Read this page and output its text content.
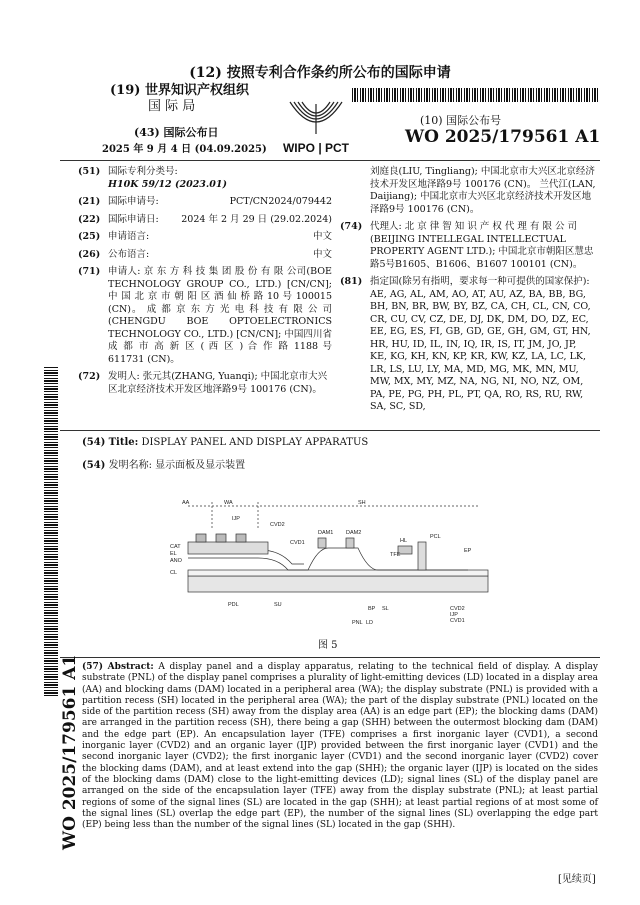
(12) 按照专利合作条约所公布的国际申请
(19) 世界知识产权组织
国 际 局
WIPO | PCT
(10) 国际公布号
WO 2025/179561 A1
(43) 国际公布日
2025 年 9 月 4 日 (04.09.2025)
(51) 国际专利分类号:
H10K 59/12 (2023.01)
(21) 国际申请号:	PCT/CN2024/079442
(22) 国际申请日: 2024 年 2 月 29 日 (29.02.2024)
(25) 申请语言:	中文
(26) 公布语言:	中文
(71) 申请人: 京 东 方 科 技 集 团 股 份 有 限 公司(BOE TECHNOLOGY GROUP CO., LTD.) [CN/CN]; 中 国 北 京 市 朝 阳 区 酒 仙 桥 路 10 号 100015 (CN)。 成 都 京 东 方 光 电 科 技 有 限 公 司 (CHENGDU BOE OPTOELECTRONICS TECHNOLOGY CO., LTD.) [CN/CN]; 中国四川省 成 都 市 高 新 区 ( 西 区 ) 合 作 路 1188 号 611731 (CN)。
(72) 发明人: 张元其(ZHANG, Yuanqi); 中国北京市大兴区北京经济技术开发区地泽路9号 100176 (CN)。
刘庭良(LIU, Tingliang); 中国北京市大兴区北京经济技术开发区地泽路9号 100176 (CN)。 兰代江(LAN, Daijiang); 中国北京市大兴区北京经济技术开发区地泽路9号 100176 (CN)。
(74) 代理人: 北 京 律 智 知 识 产 权 代 理 有 限 公 司 (BEIJING INTELLEGAL INTELLECTUAL PROPERTY AGENT LTD.); 中国北京市朝阳区慧忠路5号B1605、B1606、B1607 100101 (CN)。
(81) 指定国(除另有指明，要求每一种可提供的国家保护): AE, AG, AL, AM, AO, AT, AU, AZ, BA, BB, BG, BH, BN, BR, BW, BY, BZ, CA, CH, CL, CN, CO, CR, CU, CV, CZ, DE, DJ, DK, DM, DO, DZ, EC, EE, EG, ES, FI, GB, GD, GE, GH, GM, GT, HN, HR, HU, ID, IL, IN, IQ, IR, IS, IT, JM, JO, JP, KE, KG, KH, KN, KP, KR, KW, KZ, LA, LC, LK, LR, LS, LU, LY, MA, MD, MG, MK, MN, MU, MW, MX, MY, MZ, NA, NG, NI, NO, NZ, OM, PA, PE, PG, PH, PL, PT, QA, RO, RS, RU, RW, SA, SC, SD,
(54) Title: DISPLAY PANEL AND DISPLAY APPARATUS
(54) 发明名称: 显示面板及显示装置
AA	WA	SH
IJP
CVD2
DAM1 DAM2
CVD1	HL
TFE
PCL
EP
CAT
EL
ANO
CL
PDL	SU
BP
LD
SL
PNL
CVD2
IJP
CVD1
图 5
(57) Abstract: A display panel and a display apparatus, relating to the technical field of display. A display substrate (PNL) of the display panel comprises a plurality of light-emitting devices (LD) located in a display area (AA) and blocking dams (DAM) located in a peripheral area (WA); the display substrate (PNL) is provided with a partition recess (SH) located in the peripheral area (WA); the part of the display substrate (PNL) located on the side of the partition recess (SH) away from the display area (AA) is an edge part (EP); the blocking dams (DAM) are arranged in the partition recess (SH), there being a gap (SHH) between the outermost blocking dam (DAM) and the edge part (EP). An encapsulation layer (TFE) comprises a first inorganic layer (CVD1), a second inorganic layer (CVD2) and an organic layer (IJP) provided between the first inorganic layer (CVD1) and the second inorganic layer (CVD2); the first inorganic layer (CVD1) and the second inorganic layer (CVD2) cover the blocking dams (DAM), and at least extend into the gap (SHH); the organic layer (IJP) is located on the sides of the blocking dams (DAM) close to the light-emitting devices (LD); signal lines (SL) of the display panel are arranged on the side of the encapsulation layer (TFE) away from the display substrate (PNL); at least partial regions of some of the signal lines (SL) are located in the gap (SHH); at least partial regions of at most some of the signal lines (SL) overlap the edge part (EP), the number of the signal lines (SL) overlapping the edge part (EP) being less than the number of the signal lines (SL) located in the gap (SHH).
WO 2025/179561 A1
[见续页]
